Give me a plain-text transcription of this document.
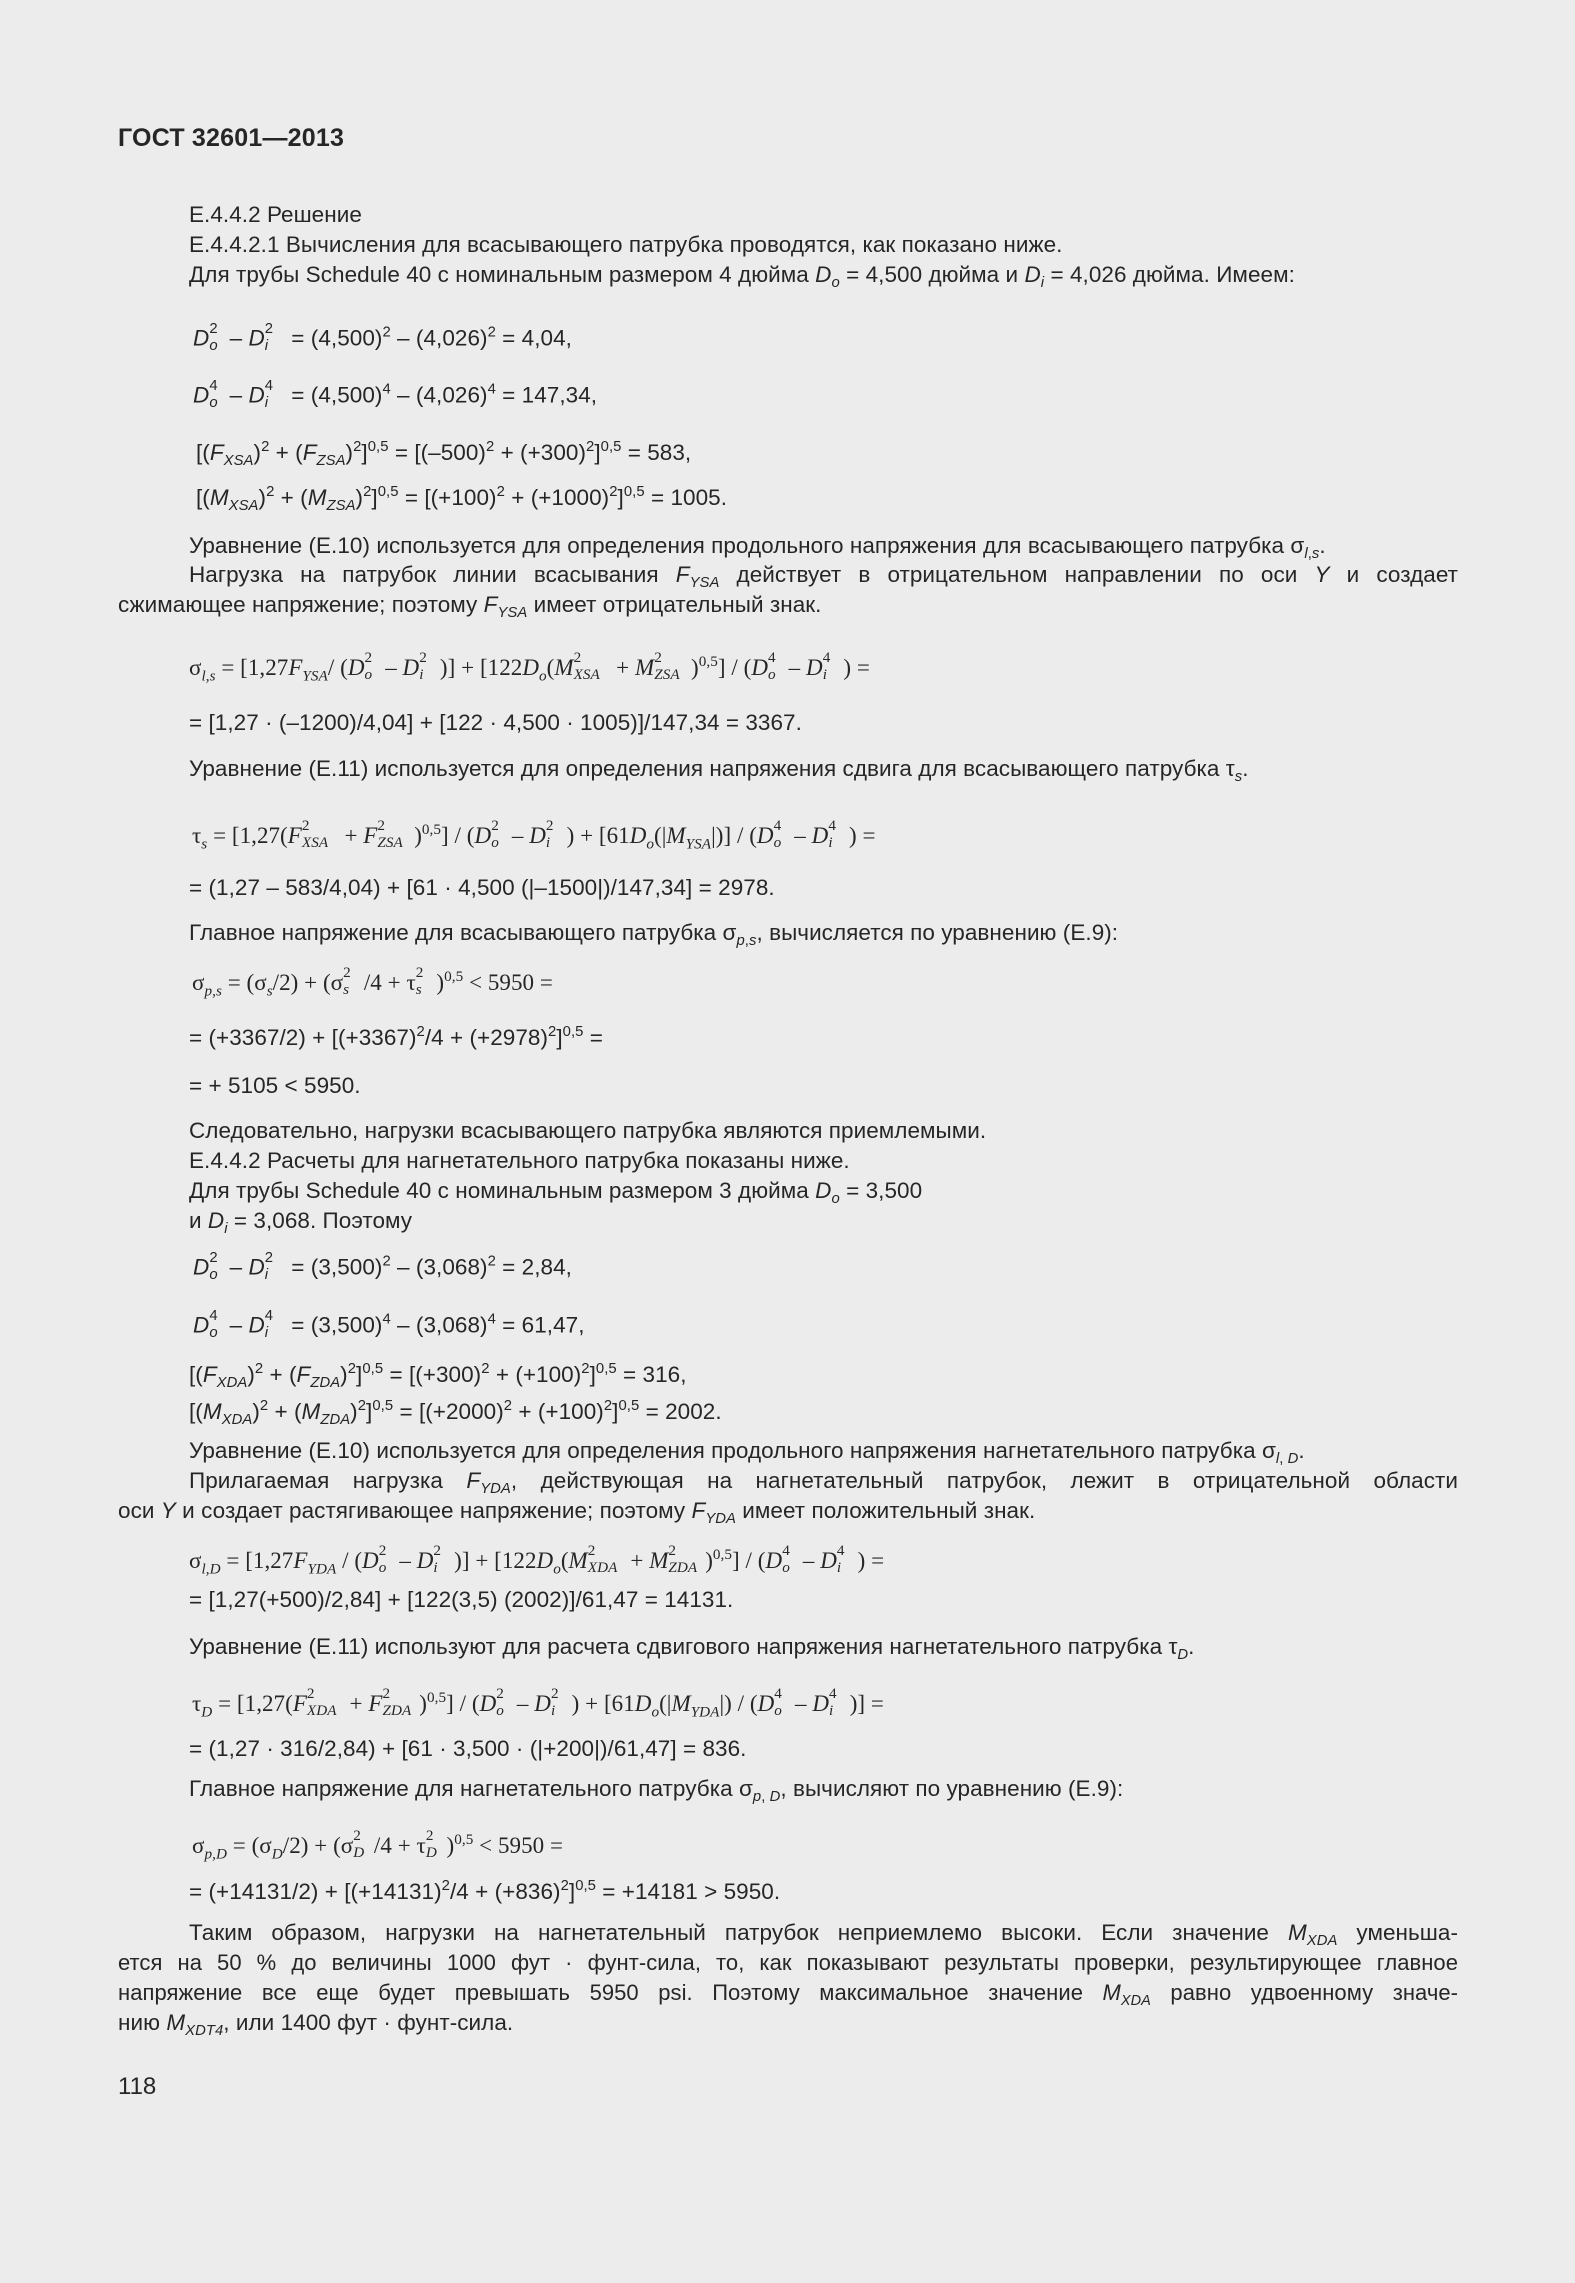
ГОСТ 32601—2013
Е.4.4.2 Решение
Е.4.4.2.1 Вычисления для всасывающего патрубка проводятся, как показано ниже.
Для трубы Schedule 40 с номинальным размером 4 дюйма $D_o = 4,500$ дюйма и $D_i = 4,026$ дюйма. Имеем:
D 2
o – D 2
$i = (4,500)^2 - (4,026)^2 = 4,04$,
D 4
o – D 4
$i = (4,500)^4 - (4,026)^4 = 147,34$,
$[(F_{XSA})^2 + (F_{ZSA})^2]^{0,5} = [(-500)^2 + (+300)^2]^{0,5} = 583$,
$[(M_{XSA})^2 + (M_{ZSA})^2]^{0,5} = [(+100)^2 + (+1000)^2]^{0,5} = 1005$.
Уравнение (Е.10) используется для определения продольного напряжения для всасывающего патрубка $\sigma_{l,s}$.
Нагрузка на патрубок линии всасывания $F_{YSA}$ действует в отрицательном направлении по оси Y и создает
сжимающее напряжение; поэтому $F_{YSA}$ имеет отрицательный знак.
$\sigma_{l,s} = [1,27F_{YSA}/$ (D 2
o – D 2
i )] + [$122D_o(M$ 2
XSA + M 2
ZSA )$^{0,5}$] / (D 4
o – D 4
i ) =
= [1,27 · (–1200)/4,04] + [122 · 4,500 · 1005)]/147,34 = 3367.
Уравнение (Е.11) используется для определения напряжения сдвига для всасывающего патрубка $\tau_s$.
$\tau_s = [1,27(F$ 2
XSA + F 2
ZSA )$^{0,5}$] / (D 2
o – D 2
i ) + $[61D_o(|M_{YSA}|)] / (D$ 4
o – D 4
i ) =
= (1,27 – 583/4,04) + [61 · 4,500 (|–1500|)/147,34] = 2978.
Главное напряжение для всасывающего патрубка $\sigma_{p,s}$, вычисляется по уравнению (Е.9):
$\sigma_{p,s} = (\sigma_s/2) + (\sigma$ 2
s /4 + τ 2
s )$^{0,5}$ < 5950 =
= $(+3367/2) + [(+3367)^2/4 + (+2978)^2]^{0,5}$ =
= + 5105 < 5950.
Следовательно, нагрузки всасывающего патрубка являются приемлемыми.
Е.4.4.2 Расчеты для нагнетательного патрубка показаны ниже.
Для трубы Schedule 40 с номинальным размером 3 дюйма $D_o = 3,500$
и $D_i = 3,068$. Поэтому
D 2
o – D 2
$i = (3,500)^2 - (3,068)^2 = 2,84$,
D 4
o – D 4
$i = (3,500)^4 - (3,068)^4 = 61,47$,
$[(F_{XDA})^2 + (F_{ZDA})^2]^{0,5} = [(+300)^2 + (+100)^2]^{0,5} = 316$,
$[(M_{XDA})^2 + (M_{ZDA})^2]^{0,5} = [(+2000)^2 + (+100)^2]^{0,5} = 2002$.
Уравнение (Е.10) используется для определения продольного напряжения нагнетательного патрубка $\sigma_{l, D}$.
Прилагаемая нагрузка $F_{YDA}$, действующая на нагнетательный патрубок, лежит в отрицательной области
оси Y и создает растягивающее напряжение; поэтому $F_{YDA}$ имеет положительный знак.
$\sigma_{l,D} = [1,27F_{YDA} / (D$ 2
o – D 2
i )] + [$122D_o(M$ 2
XDA + M 2
ZDA )$^{0,5}$] / (D 4
o – D 4
i ) =
= [1,27(+500)/2,84] + [122(3,5) (2002)]/61,47 = 14131.
Уравнение (Е.11) используют для расчета сдвигового напряжения нагнетательного патрубка $\tau_D$.
$\tau_D = [1,27(F$ 2
XDA + F 2
ZDA )$^{0,5}$] / (D 2
o – D 2
i ) + [$61D_o(|M_{YDA}|) / (D$ 4
o – D 4
i )] =
= (1,27 · 316/2,84) + [61 · 3,500 · (|+200|)/61,47] = 836.
Главное напряжение для нагнетательного патрубка $\sigma_{p, D}$, вычисляют по уравнению (Е.9):
$\sigma_{p,D} = (\sigma_D/2) + (\sigma$ 2
D /4 + τ 2
D )$^{0,5}$ < 5950 =
= $(+14131/2) + [(+14131)^2/4 + (+836)^2]^{0,5} = +14181 > 5950$.
Таким образом, нагрузки на нагнетательный патрубок неприемлемо высоки. Если значение $M_{XDA}$ уменьша-
ется на 50 % до величины 1000 фут · фунт-сила, то, как показывают результаты проверки, результирующее главное
напряжение все еще будет превышать 5950 psi. Поэтому максимальное значение $M_{XDA}$ равно удвоенному значе-
нию $M_{XDT4}$, или 1400 фут · фунт-сила.
118
